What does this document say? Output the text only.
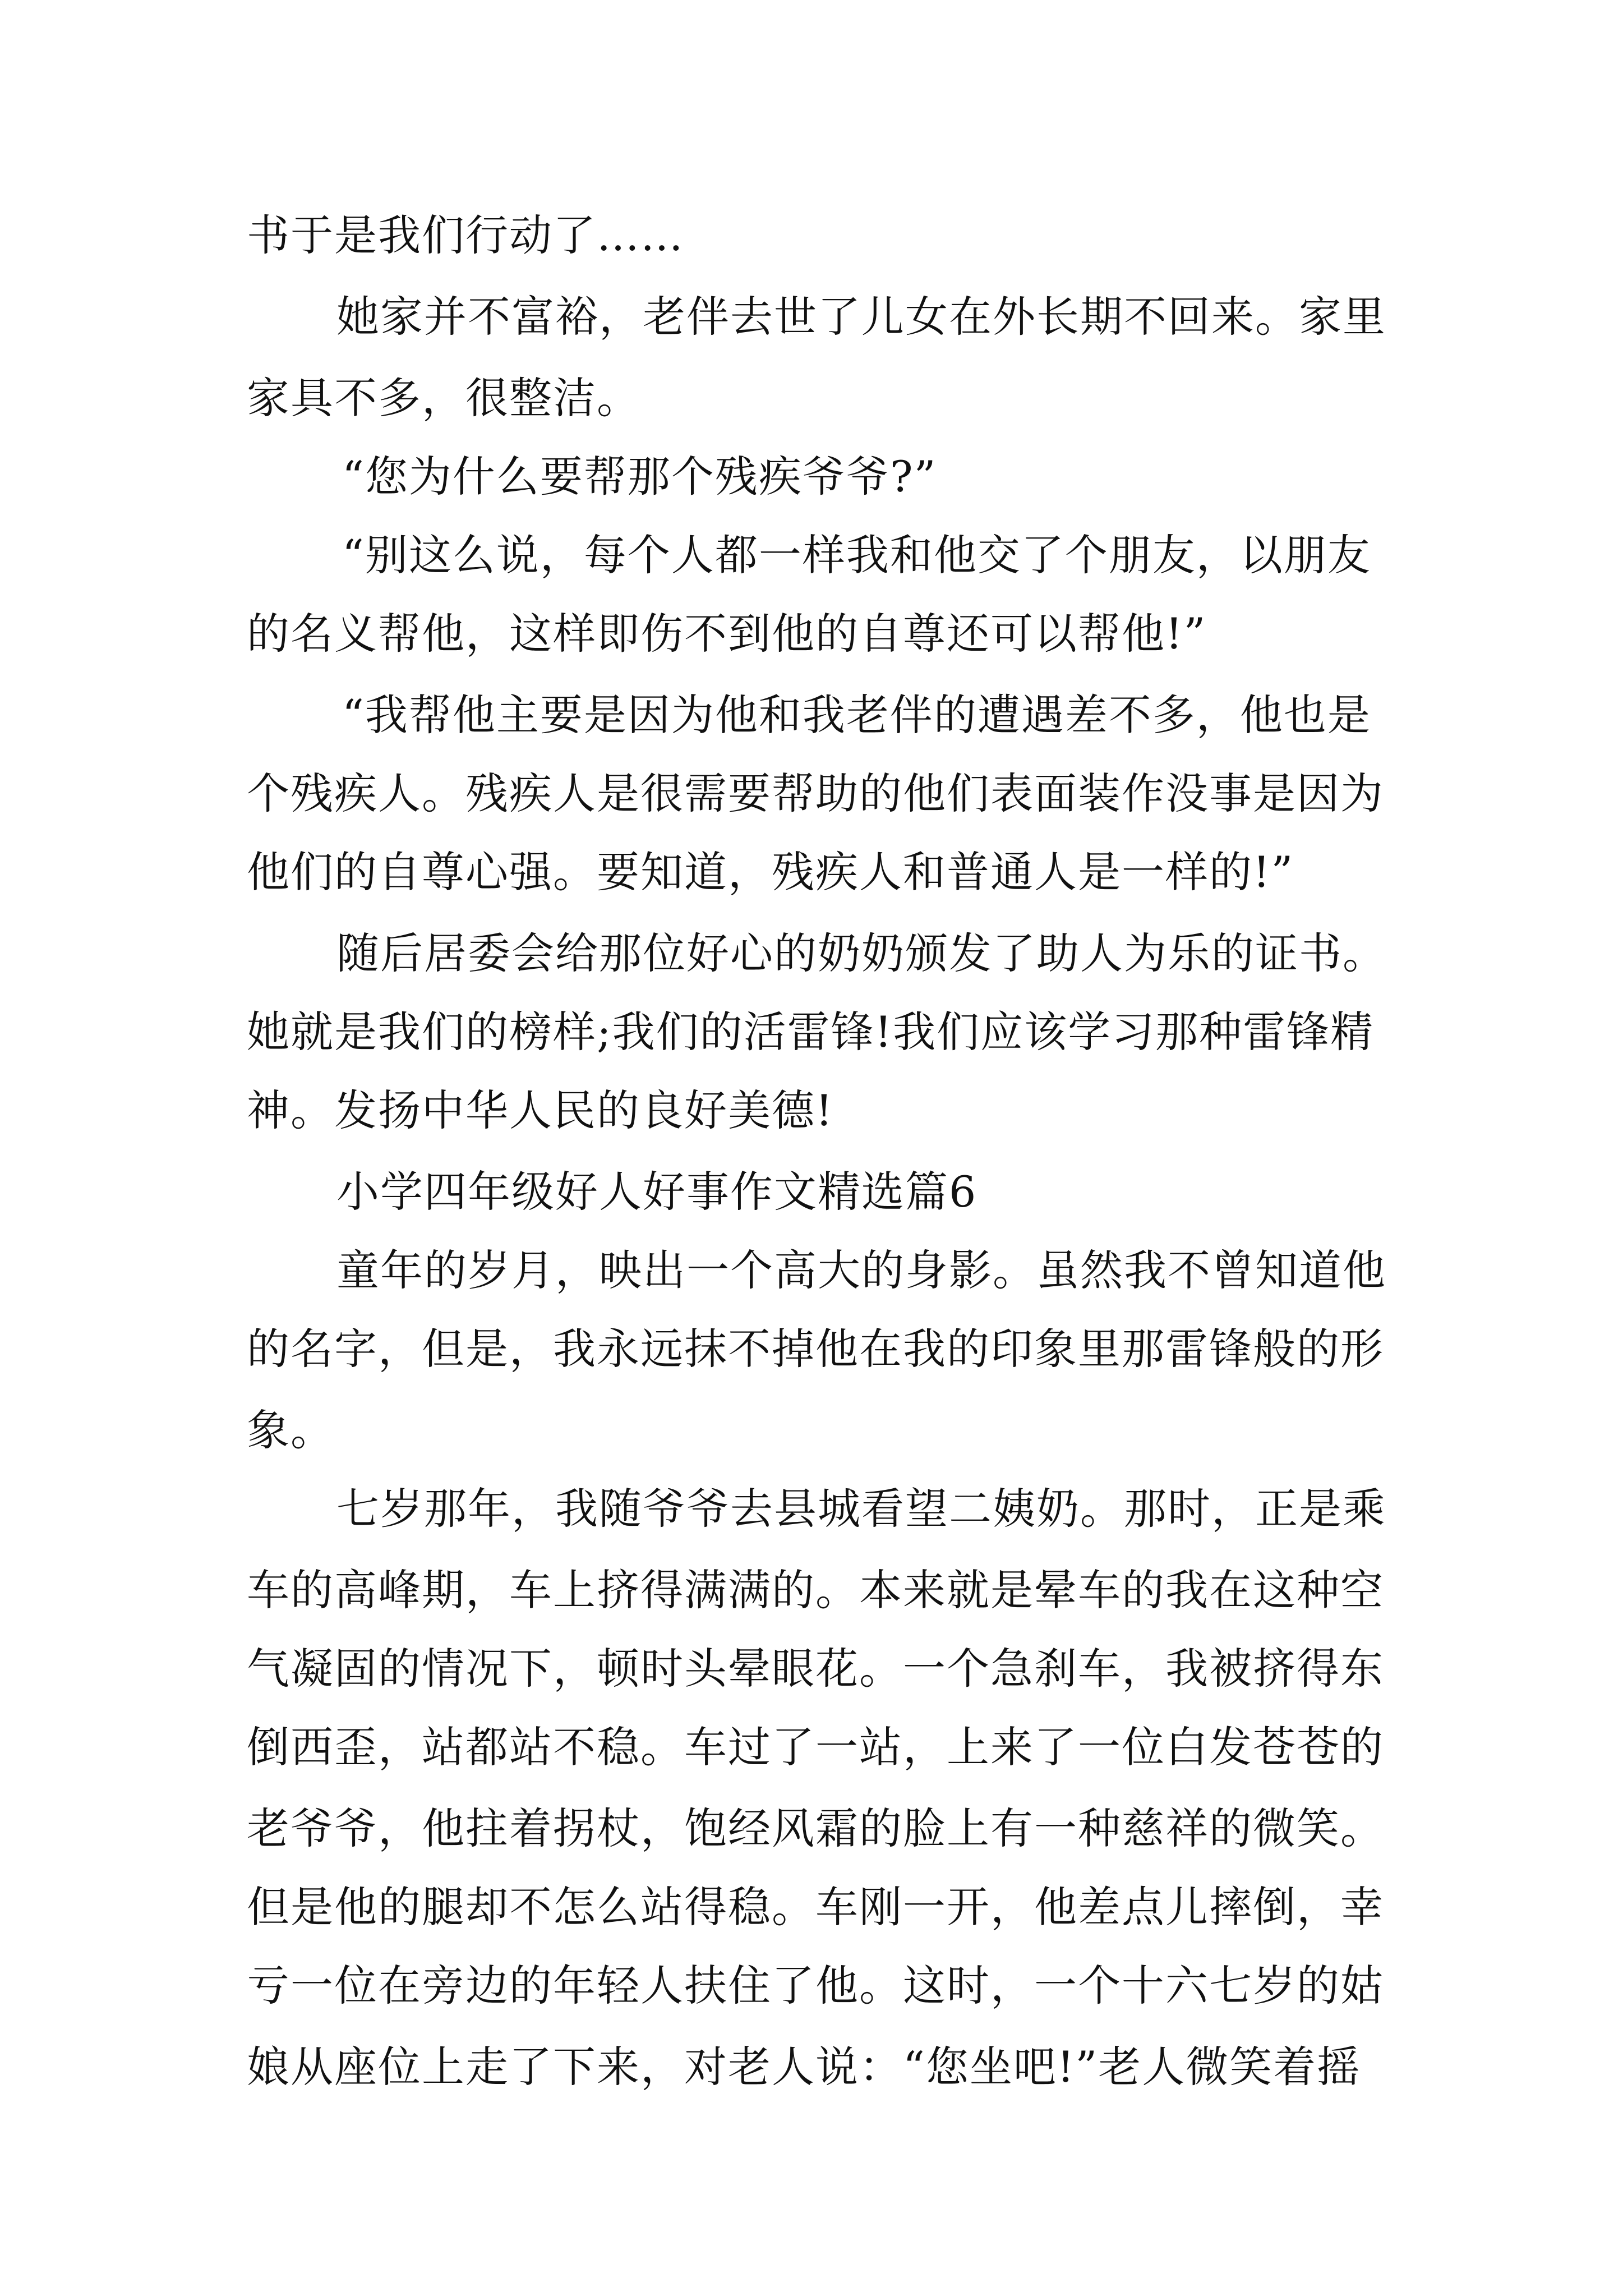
书于是我们行动了……
她家并不富裕，老伴去世了儿女在外长期不回来。家里
家具不多，很整洁。
“您为什么要帮那个残疾爷爷?”
“别这么说，每个人都一样我和他交了个朋友，以朋友
的名义帮他，这样即伤不到他的自尊还可以帮他!”
“我帮他主要是因为他和我老伴的遭遇差不多，他也是
个残疾人。残疾人是很需要帮助的他们表面装作没事是因为
他们的自尊心强。要知道，残疾人和普通人是一样的!”
随后居委会给那位好心的奶奶颁发了助人为乐的证书。
她就是我们的榜样;我们的活雷锋!我们应该学习那种雷锋精
神。发扬中华人民的良好美德!
小学四年级好人好事作文精选篇6
童年的岁月，映出一个高大的身影。虽然我不曾知道他
的名字，但是，我永远抹不掉他在我的印象里那雷锋般的形
象。
七岁那年，我随爷爷去县城看望二姨奶。那时，正是乘
车的高峰期，车上挤得满满的。本来就是晕车的我在这种空
气凝固的情况下，顿时头晕眼花。一个急刹车，我被挤得东
倒西歪，站都站不稳。车过了一站，上来了一位白发苍苍的
老爷爷，他拄着拐杖，饱经风霜的脸上有一种慈祥的微笑。
但是他的腿却不怎么站得稳。车刚一开，他差点儿摔倒，幸
亏一位在旁边的年轻人扶住了他。这时，一个十六七岁的姑
娘从座位上走了下来，对老人说：“您坐吧!”老人微笑着摇
